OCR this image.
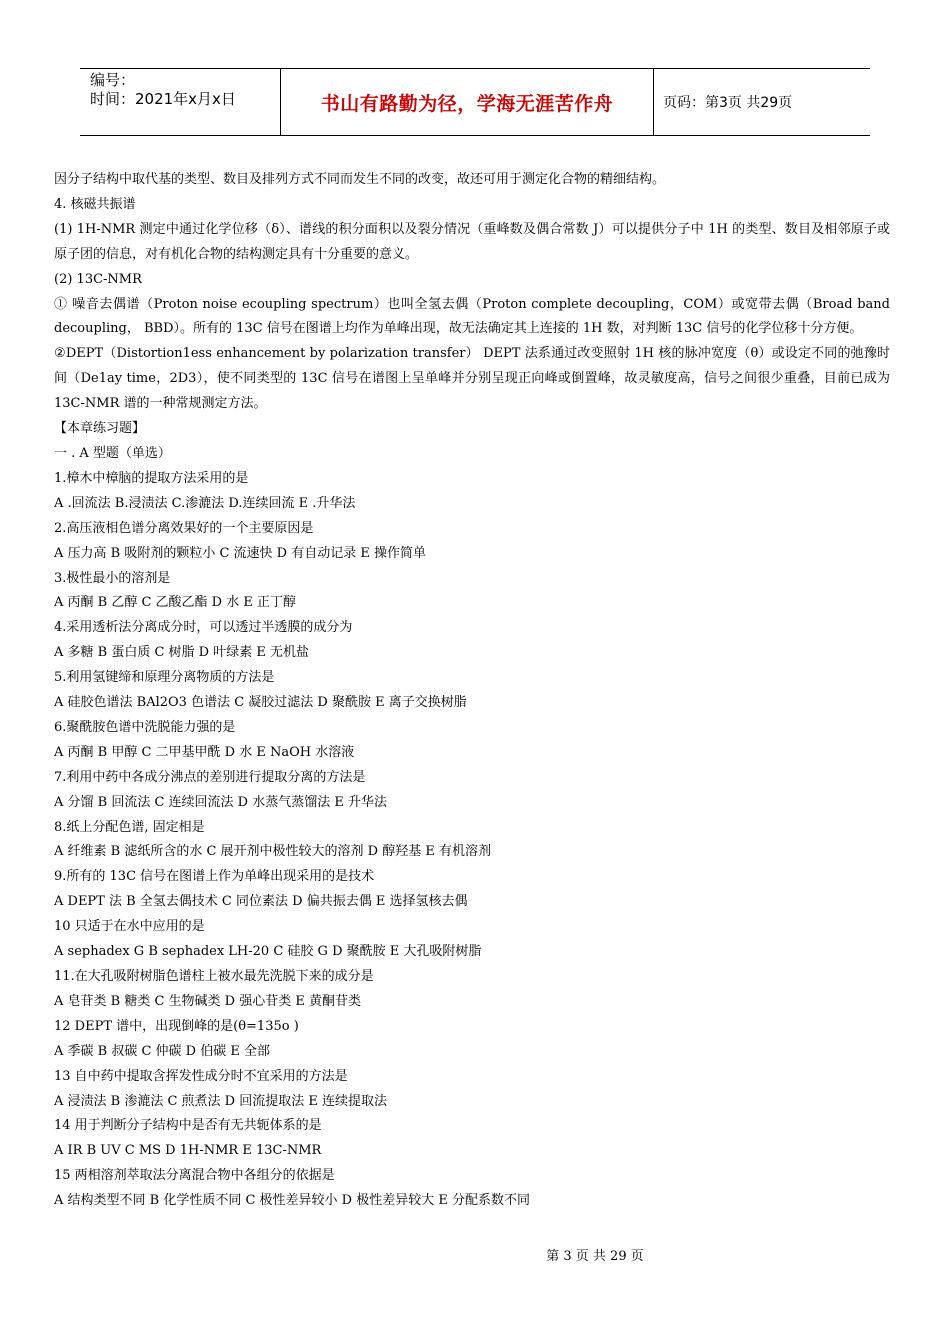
编号：
时间：2021年x月x日	书山有路勤为径，学海无涯苦作舟	页码：第3页 共29页

因分子结构中取代基的类型、数目及排列方式不同而发生不同的改变，故还可用于测定化合物的精细结构。

4. 核磁共振谱

(1) 1H-NMR 测定中通过化学位移（δ）、谱线的积分面积以及裂分情况（重峰数及偶合常数 J）可以提供分子中 1H 的类型、数目及相邻原子或原子团的信息，对有机化合物的结构测定具有十分重要的意义。

(2) 13C-NMR

① 噪音去偶谱（Proton noise ecoupling spectrum）也叫全氢去偶（Proton complete decoupling，COM）或宽带去偶（Broad band decoupling， BBD）。所有的 13C 信号在图谱上均作为单峰出现，故无法确定其上连接的 1H 数，对判断 13C 信号的化学位移十分方便。

②DEPT（Distortion1ess enhancement by polarization transfer） DEPT 法系通过改变照射 1H 核的脉冲宽度（θ）或设定不同的弛豫时间（De1ay time，2D3），使不同类型的 13C 信号在谱图上呈单峰并分别呈现正向峰或倒置峰，故灵敏度高，信号之间很少重叠，目前已成为 13C-NMR 谱的一种常规测定方法。

【本章练习题】

一 . A 型题（单选）

1.樟木中樟脑的提取方法采用的是

A .回流法 B.浸渍法 C.渗漉法 D.连续回流 E .升华法

2.高压液相色谱分离效果好的一个主要原因是

A 压力高 B 吸附剂的颗粒小 C 流速快 D 有自动记录 E 操作简单

3.极性最小的溶剂是

A 丙酮 B 乙醇 C 乙酸乙酯 D 水 E 正丁醇

4.采用透析法分离成分时，可以透过半透膜的成分为

A 多糖 B 蛋白质 C 树脂 D 叶绿素 E 无机盐

5.利用氢键缔和原理分离物质的方法是

A 硅胶色谱法 BAl2O3 色谱法 C 凝胶过滤法 D 聚酰胺 E 离子交换树脂

6.聚酰胺色谱中洗脱能力强的是

A 丙酮 B 甲醇 C 二甲基甲酰 D 水 E NaOH 水溶液

7.利用中药中各成分沸点的差别进行提取分离的方法是

A 分馏 B 回流法 C 连续回流法 D 水蒸气蒸馏法 E 升华法

8.纸上分配色谱, 固定相是

A 纤维素 B 滤纸所含的水 C 展开剂中极性较大的溶剂 D 醇羟基 E 有机溶剂

9.所有的 13C 信号在图谱上作为单峰出现采用的是技术

A DEPT 法 B 全氢去偶技术 C 同位素法 D 偏共振去偶 E 选择氢核去偶

10 只适于在水中应用的是

A sephadex G B sephadex LH-20 C 硅胶 G D 聚酰胺 E 大孔吸附树脂

11.在大孔吸附树脂色谱柱上被水最先洗脱下来的成分是

A 皂苷类 B 糖类 C 生物碱类 D 强心苷类 E 黄酮苷类

12 DEPT 谱中，出现倒峰的是(θ=135o )

A 季碳 B 叔碳 C 仲碳 D 伯碳 E 全部

13 自中药中提取含挥发性成分时不宜采用的方法是

A 浸渍法 B 渗漉法 C 煎煮法 D 回流提取法 E 连续提取法

14 用于判断分子结构中是否有无共轭体系的是

A IR B UV C MS D 1H-NMR E 13C-NMR

15 两相溶剂萃取法分离混合物中各组分的依据是

A 结构类型不同 B 化学性质不同 C 极性差异较小 D 极性差异较大 E 分配系数不同

第 3 页 共 29 页
